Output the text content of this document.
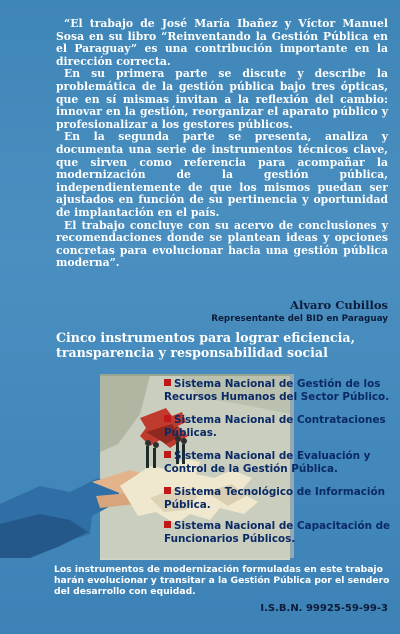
“El trabajo de José María Ibañez y Víctor Manuel Sosa en su libro “Reinventando la Gestión Pública en el Paraguay” es una contribución importante en la dirección correcta.

En su primera parte se discute y describe la problemática de la gestión pública bajo tres ópticas, que en sí mismas invitan a la reflexión del cambio: innovar en la gestión, reorganizar el aparato público y profesionalizar a los gestores públicos.

En la segunda parte se presenta, analiza y documenta una serie de instrumentos técnicos clave, que sirven como referencia para acompañar la modernización de la gestión pública, independientemente de que los mismos puedan ser ajustados en función de su pertinencia y oportunidad de implantación en el país.

El trabajo concluye con su acervo de conclusiones y recomendaciones donde se plantean ideas y opciones concretas para evolucionar hacia una gestión pública moderna”.

Alvaro Cubillos
Representante del BID en Paraguay
Cinco instrumentos para lograr eficiencia, transparencia y responsabilidad social
Sistema Nacional de Gestión de los Recursos Humanos del Sector Público.
Sistema Nacional de Contrataciones Públicas.
Sistema Nacional de Evaluación y Control de la Gestión Pública.
Sistema Tecnológico de Información Pública.
Sistema Nacional de Capacitación de Funcionarios Públicos.
Los instrumentos de modernización formuladas en este trabajo harán evolucionar y transitar a la Gestión Pública por el sendero del desarrollo con equidad.
I.S.B.N. 99925-59-99-3
